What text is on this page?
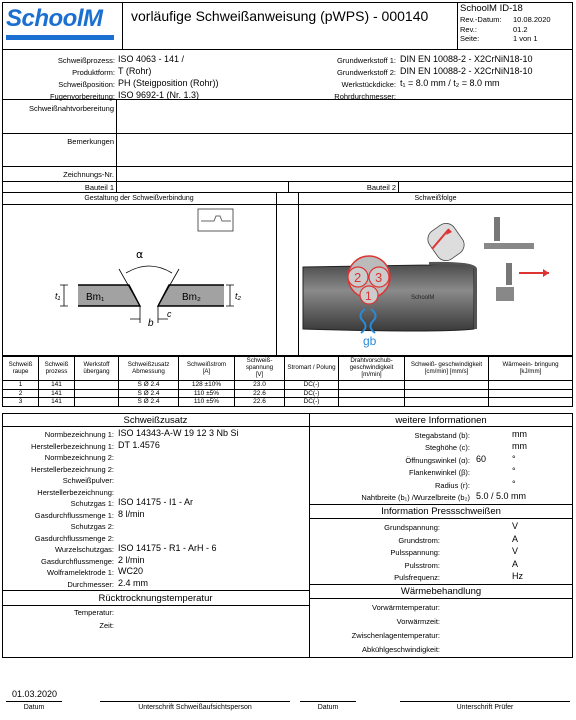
SchoolM vorläufige Schweißanweisung (pWPS) - 000140	SchoolM ID-18
Rev.-Datum:	10.08.2020
Rev.:	01.2
Seite:	1 von 1
Schweißprozess: ISO 4063 - 141 /
Produktform: T (Rohr)
Schweißposition: PH (Steigposition (Rohr))
Fugenvorbereitung: ISO 9692-1 (Nr. 1.3)
Grundwerkstoff 1: DIN EN 10088-2 - X2CrNiN18-10
Grundwerkstoff 2: DIN EN 10088-2 - X2CrNiN18-10
Werkstückdicke: t₁ = 8.0 mm / t₂ = 8.0 mm
Rohrdurchmesser:
Schweißnahtvorbereitung
Bemerkungen
Zeichnungs-Nr.
Bauteil 1	Bauteil 2
Gestaltung der Schweißverbindung	Schweißfolge
α
Bm₁	Bm₂
t₁	t₂
b
c
2 3
1	SchoolM
gb
Schweiß raupe	Schweiß prozess	Werkstoff übergang	Schweißzusatz
Abmessung	Schweißstrom
[A]	Schweiß- spannung
[V]	Stromart / Polung	Drahtvorschub- geschwindigkeit
[m/min]	Schweiß- geschwindigkeit
[cm/min] [mm/s]	Wärmeein- bringung
[kJ/mm]
1	141		S Ø 2.4	128 ±10%	23.0	DC(-)			
2	141		S Ø 2.4	110 ±5%	22.6	DC(-)			
3	141		S Ø 2.4	110 ±5%	22.6	DC(-)			
01.03.2020
Datum	Unterschrift Schweißaufsichtsperson	Datum	Unterschrift Prüfer
Schweißzusatz
Normbezeichnung 1: ISO 14343-A-W 19 12 3 Nb Si
Herstellerbezeichnung 1: DT 1.4576
Normbezeichnung 2:
Herstellerbezeichnung 2:
Schweißpulver:
Herstellerbezeichnung:
Schutzgas 1: ISO 14175 - I1 - Ar
Gasdurchflussmenge 1: 8 l/min
Schutzgas 2:
Gasdurchflussmenge 2:
Wurzelschutzgas: ISO 14175 - R1 - ArH - 6
Gasdurchflussmenge: 2 l/min
Wolframelektrode 1: WC20
Durchmesser: 2.4 mm
Rücktrocknungstemperatur
Temperatur:
Zeit:
weitere Informationen
Stegabstand (b):	mm
Steghöhe (c):	mm
Öffnungswinkel (α): 60	°
Flankenwinkel (β):	°
Radius (r):	°
Nahtbreite (b₁) /Wurzelbreite (b₂) 5.0 / 5.0 mm
Information Pressschweißen
Grundspannung:	V
Grundstrom:	A
Pulsspannung:	V
Pulsstrom:	A
Pulsfrequenz:	Hz
Wärmebehandlung
Vorwärmtemperatur:
Vorwärmzeit:
Zwischenlagentemperatur:
Abkühlgeschwindigkeit:
